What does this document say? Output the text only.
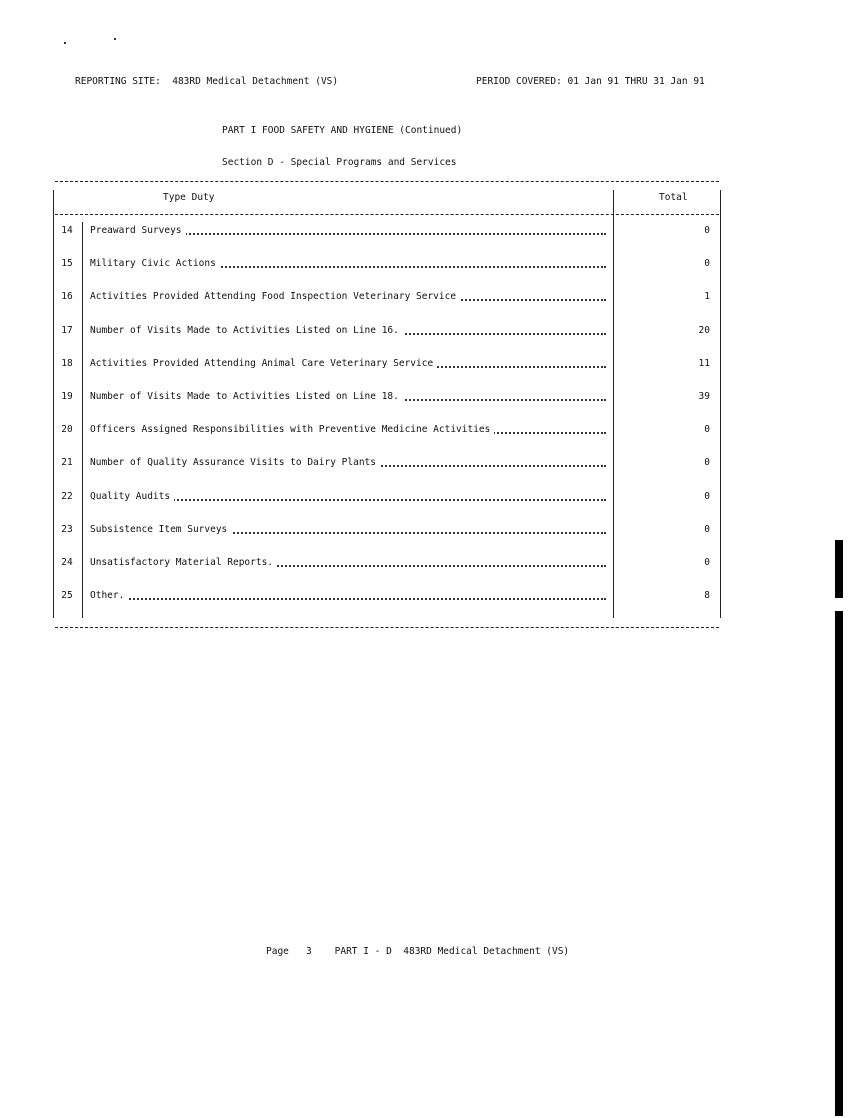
REPORTING SITE:  483RD Medical Detachment (VS)	PERIOD COVERED: 01 Jan 91 THRU 31 Jan 91
PART I FOOD SAFETY AND HYGIENE (Continued)
Section D - Special Programs and Services
Type Duty	Total
14	Preaward Surveys	0
15	Military Civic Actions	0
16	Activities Provided Attending Food Inspection Veterinary Service	1
17	Number of Visits Made to Activities Listed on Line 16.	20
18	Activities Provided Attending Animal Care Veterinary Service	11
19	Number of Visits Made to Activities Listed on Line 18.	39
20	Officers Assigned Responsibilities with Preventive Medicine Activities	0
21	Number of Quality Assurance Visits to Dairy Plants	0
22	Quality Audits	0
23	Subsistence Item Surveys	0
24	Unsatisfactory Material Reports.	0
25	Other.	8
Page   3    PART I - D  483RD Medical Detachment (VS)
